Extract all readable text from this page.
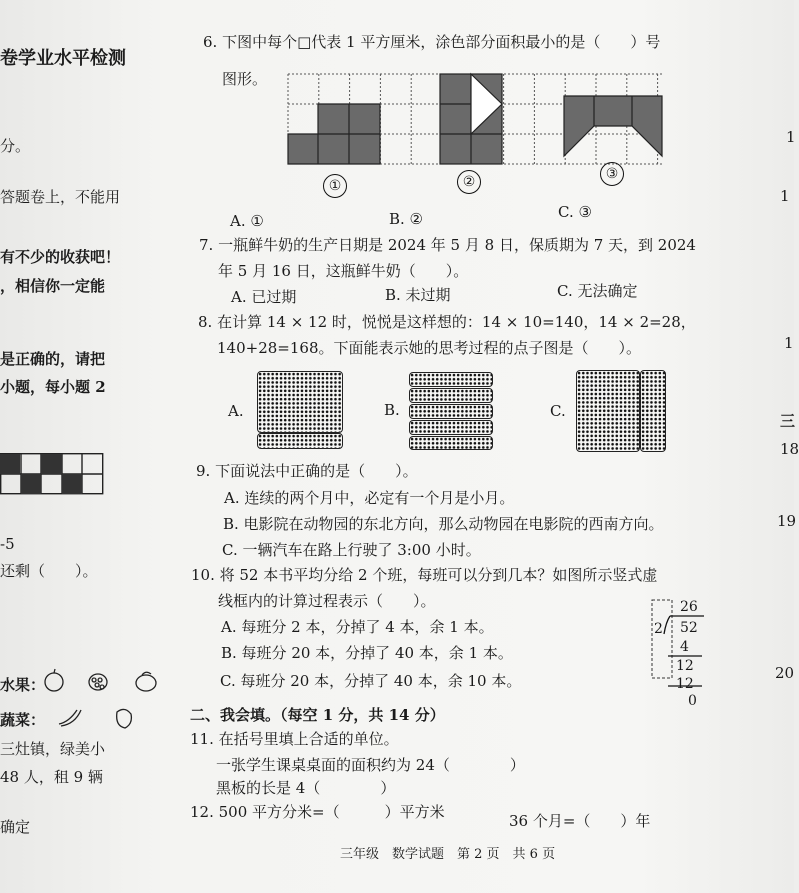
卷学业水平检测
分。
答题卷上，不能用
有不少的收获吧！
，相信你一定能
是正确的，请把
小题，每小题 2
-5
还剩（　　）。
水果：
蔬菜：
三灶镇，绿美小
48 人，租 9 辆
确定
1
1
1
三
18
19
20
6. 下图中每个□代表 1 平方厘米，涂色部分面积最小的是（　　）号
图形。
①	②	③
A. ①	B. ②	C. ③
7. 一瓶鲜牛奶的生产日期是 2024 年 5 月 8 日，保质期为 7 天，到 2024
年 5 月 16 日，这瓶鲜牛奶（　　）。
A. 已过期	B. 未过期	C. 无法确定
8. 在计算 14 × 12 时，悦悦是这样想的：14 × 10=140，14 × 2=28，
140+28=168。下面能表示她的思考过程的点子图是（　　）。
A.	B.	C.
9. 下面说法中正确的是（　　）。
A. 连续的两个月中，必定有一个月是小月。
B. 电影院在动物园的东北方向，那么动物园在电影院的西南方向。
C. 一辆汽车在路上行驶了 3:00 小时。
10. 将 52 本书平均分给 2 个班，每班可以分到几本？如图所示竖式虚
线框内的计算过程表示（　　）。
A. 每班分 2 本，分掉了 4 本，余 1 本。
B. 每班分 20 本，分掉了 40 本，余 1 本。
C. 每班分 20 本，分掉了 40 本，余 10 本。
26
2 52
4
12
12
0
二、我会填。（每空 1 分，共 14 分）
11. 在括号里填上合适的单位。
一张学生课桌桌面的面积约为 24（　　　　）
黑板的长是 4（　　　　）
12. 500 平方分米=（　　　）平方米	36 个月=（　　）年
三年级　数学试题　第 2 页　共 6 页
